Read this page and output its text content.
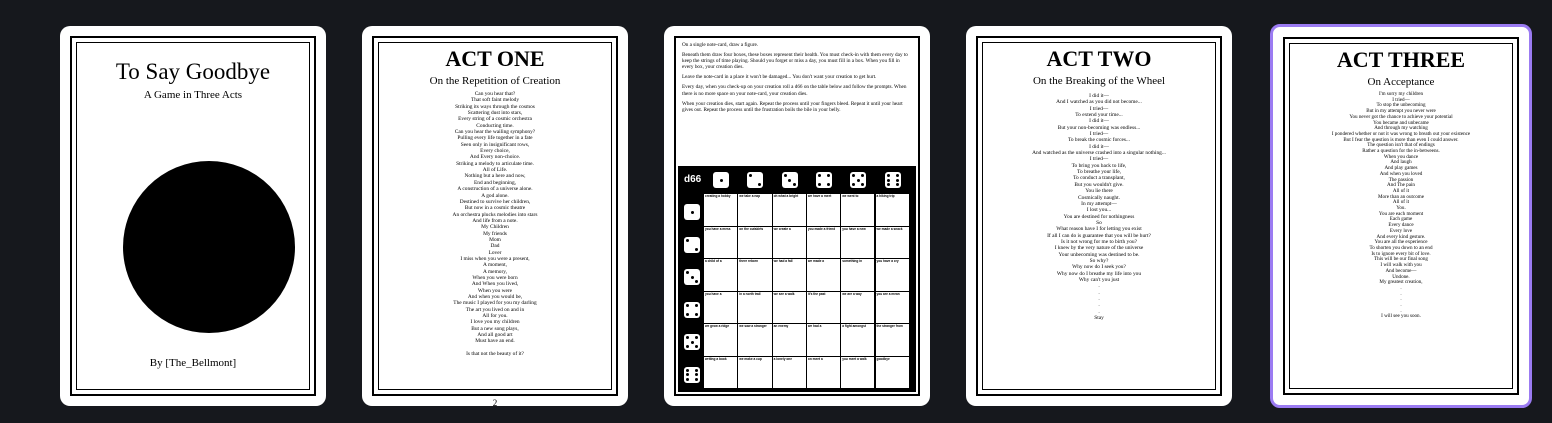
To Say Goodbye
A Game in Three Acts
By [The_Bellmont]
ACT ONE
On the Repetition of Creation
Can you hear that?
That soft faint melody
Striking its ways through the cosmos
Scattering dust into stars,
Every string of a cosmic orchestra
Conducting time.
Can you hear the wailing symphony?
Pulling every life together in a fate
Seen only in insignificant rows,
Every choice,
And Every non-choice.
Striking a melody to articulate time.
All of Life.
Nothing but a here and now,
End and beginning,
A construction of a universe alone.
A god alone.
Destined to survive her children,
But now in a cosmic theatre
An orchestra plucks melodies into stars
And life from a note.
My Children
My friends
Mom
Dad
Lover
I miss when you were a present,
A moment,
A memory,
When you were born
And When you lived,
When you were
And when you would be,
The music I played for you my darling
The art you lived on and in
All for you.
I love you my children
But a new song plays,
And all good art
Must have an end.

Is that not the beauty of it?
2

On a single note-card, draw a figure.

Beneath them draw four boxes, these boxes represent their health. You must check-in with them every day to keep the strings of time playing. Should you forget or miss a day, you must fill in a box. When you fill in every box, your creation dies.

Leave the note-card in a place it won't be damaged... You don't want your creation to get hurt.

Every day, when you check-up on your creation roll a d66 on the table below and follow the prompts. When there is no more space on your note-card, your creation dies.

When your creation dies, start again. Repeat the process until your fingers bleed. Repeat it until your heart gives out. Repeat the process until the frustration boils the bile in your belly.

d66
creating a hobby	we take a nap	oh what a bright	we have a meet	we went to	a hiking trip
you have a mess	on the outskirts	we create a	you made a friend	you have a new	we made a snack
a child of a	there reborn	we had a fall	we made a	something in	you have a cry
you have a	in a north trail	we see a walk	it's the past	we are a way	you are a mean
we grow a ridge	we saw a stranger	an enemy	we had a	a fight amongst	the stranger from
writing a book	we make a cup	a lonely one	on meet a	you meet a walk	goodbye
ACT TWO
On the Breaking of the Wheel
I did it—
And I watched as you did not become...
I tried—
To extend your time...
I did it—
But your non-becoming was endless...
I tried—
To break the cosmic forces...
I did it—
And watched as the universe crashed into a singular nothing...
I tried—
To bring you back to life,
To breathe your life,
To conduct a transplant,
But you wouldn't give.
You lie there
Cosmically naught.
In my attempt—
I lost you...
You are destined for nothingness
So
What reason have I for letting you exist
If all I can do is guarantee that you will be hurt?
Is it not wrong for me to birth you?
I knew by the very nature of the universe
Your unbecoming was destined to be.
So why?
Why now do I seek you?
Why now do I breathe my life into you
Why can't you just
.
.
.
.
.
Stay
ACT THREE
On Acceptance
I'm sorry my children
I tried—
To stop the unbecoming
But in my attempt you never were
You never got the chance to achieve your potential
You became and unbecame
And through my watching
I pondered whether or not it was wrong to breath out your existence
But I fear the question is more than even I could answer.
The question isn't that of endings
Rather a question for the in-betweens.
When you dance
And laugh
And play games
And when you loved
The passion
And The pain
All of it
More than an outcome
All of it
You.
You are each moment
Each game
Every dance
Every love
And every kind gesture.
You are all the experience
To shorten you down to an end
Is to ignore every bit of love.
This will be our final song
I will walk with you
And become—
Undone.
My greatest creation,
.
.
.
.
.
I will see you soon.
